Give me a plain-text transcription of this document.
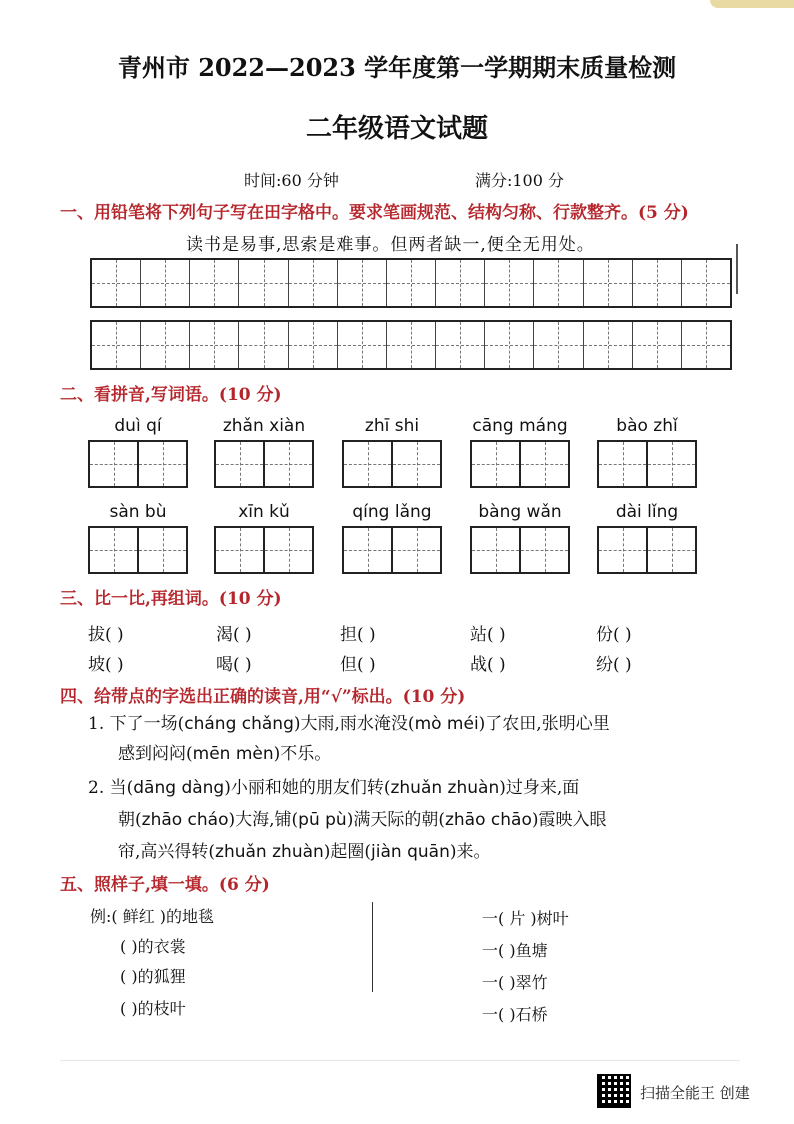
青州市 2022—2023 学年度第一学期期末质量检测
二年级语文试题
时间:60 分钟	满分:100 分
一、用铅笔将下列句子写在田字格中。要求笔画规范、结构匀称、行款整齐。(5 分)
读书是易事,思索是难事。但两者缺一,便全无用处。
二、看拼音,写词语。(10 分)
duì qí	zhǎn xiàn	zhī shi	cāng máng	bào zhǐ
sàn bù	xīn kǔ	qíng lǎng	bàng wǎn	dài lǐng
三、比一比,再组词。(10 分)
拔( )	渴( )	担( )	站( )	份( )
坡( )	喝( )	但( )	战( )	纷( )
四、给带点的字选出正确的读音,用“√”标出。(10 分)
1. 下了一场(cháng chǎng)大雨,雨水淹没(mò méi)了农田,张明心里
感到闷闷(mēn mèn)不乐。
2. 当(dāng dàng)小丽和她的朋友们转(zhuǎn zhuàn)过身来,面
朝(zhāo cháo)大海,铺(pū pù)满天际的朝(zhāo chāo)霞映入眼
帘,高兴得转(zhuǎn zhuàn)起圈(jiàn quān)来。
五、照样子,填一填。(6 分)
例:( 鲜红 )的地毯
( )的衣裳
( )的狐狸
( )的枝叶
一( 片 )树叶
一( )鱼塘
一( )翠竹
一( )石桥
扫描全能王 创建
